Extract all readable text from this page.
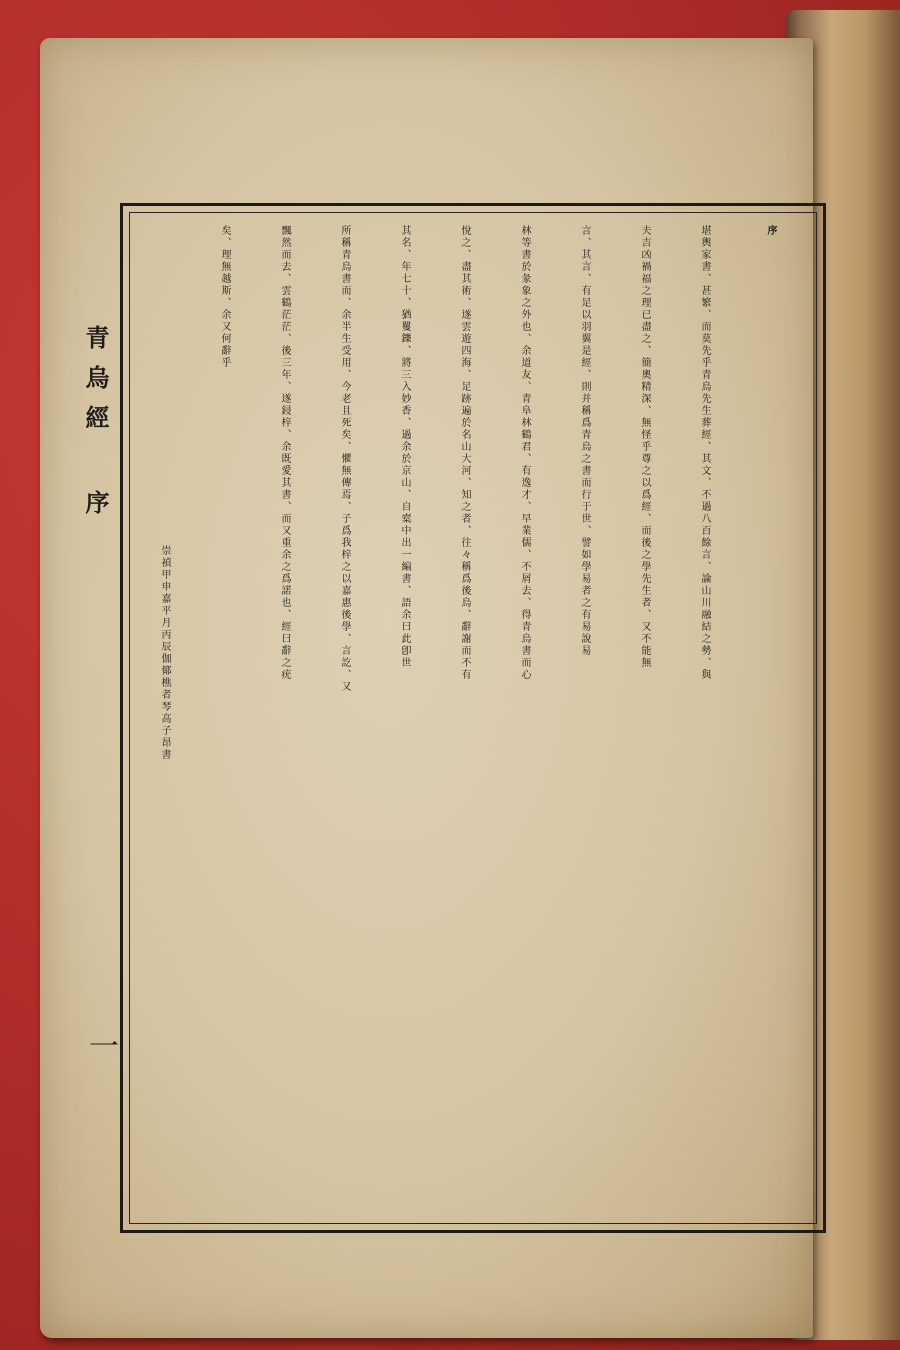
青烏經 序
一
序
堪輿家書、甚繁、而莫先乎青烏先生葬經、其文、不過八百餘言、論山川融結之勢、與
夫吉凶禍福之理已盡之、簡奧精深、無怪乎尊之以爲經、而後之學先生者、又不能無
言、其言、有足以羽翼是經、則并稱爲青烏之書而行于世、譬如學易者之有易說易
林等書於彖象之外也、余道友、青阜林鶴君、有逸才、早業儒、不屑去、得青烏書而心
悅之、盡其術、遂雲遊四海、足跡遍於名山大河、知之者、往々稱爲後烏、辭謝而不有
其名、年七十、猶矍鑠、將三入妙香、過余於京山、自槖中出一編書、語余曰此卽世
所稱青烏書而、余半生受用、今老且死矣、懼無傳焉、子爲我梓之以嘉惠後學、言訖、又
飄然而去、雲鶴茫茫、後三年、遂鋟梓、余既愛其書、而又重余之爲諾也、經曰辭之疣
矣、理無越斯、余又何辭乎
崇禎甲申嘉平月丙辰伽倻樵者琴高子昂書
